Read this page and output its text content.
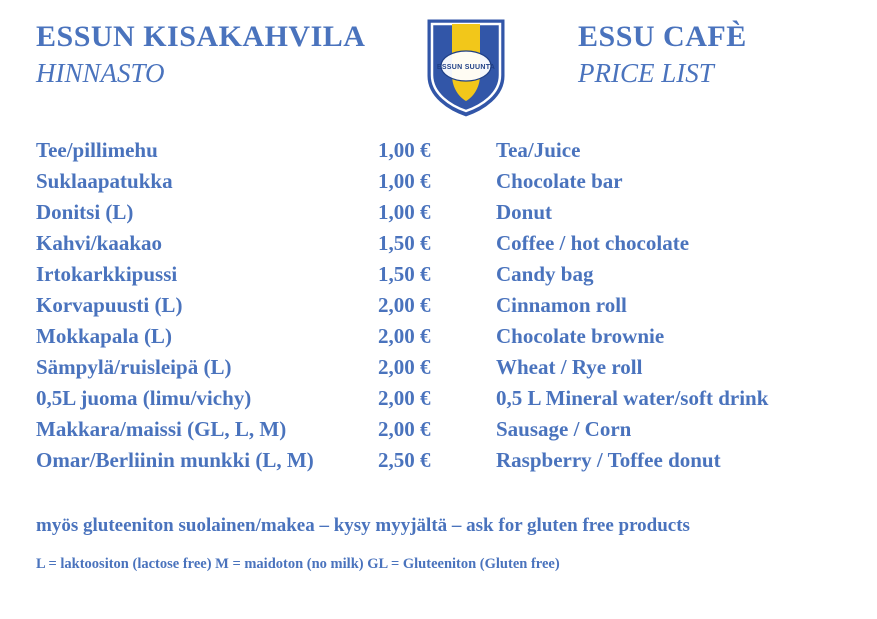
ESSUN KISAKAHVILA
HINNASTO	ESSUN SUUNTA
ESSU CAFÈ
PRICE LIST
Tee/pillimehu	1,00 €	Tea/Juice
Suklaapatukka	1,00 €	Chocolate bar
Donitsi (L)	1,00 €	Donut
Kahvi/kaakao	1,50 €	Coffee / hot chocolate
Irtokarkkipussi	1,50 €	Candy bag
Korvapuusti (L)	2,00 €	Cinnamon roll
Mokkapala (L)	2,00 €	Chocolate brownie
Sämpylä/ruisleipä (L)	2,00 €	Wheat / Rye roll
0,5L juoma (limu/vichy)	2,00 €	0,5 L Mineral water/soft drink
Makkara/maissi (GL, L, M)	2,00 €	Sausage / Corn
Omar/Berliinin munkki (L, M)	2,50 €	Raspberry / Toffee donut
myös gluteeniton suolainen/makea – kysy myyjältä – ask for gluten free products
L = laktoositon (lactose free) M = maidoton (no milk) GL = Gluteeniton (Gluten free)
